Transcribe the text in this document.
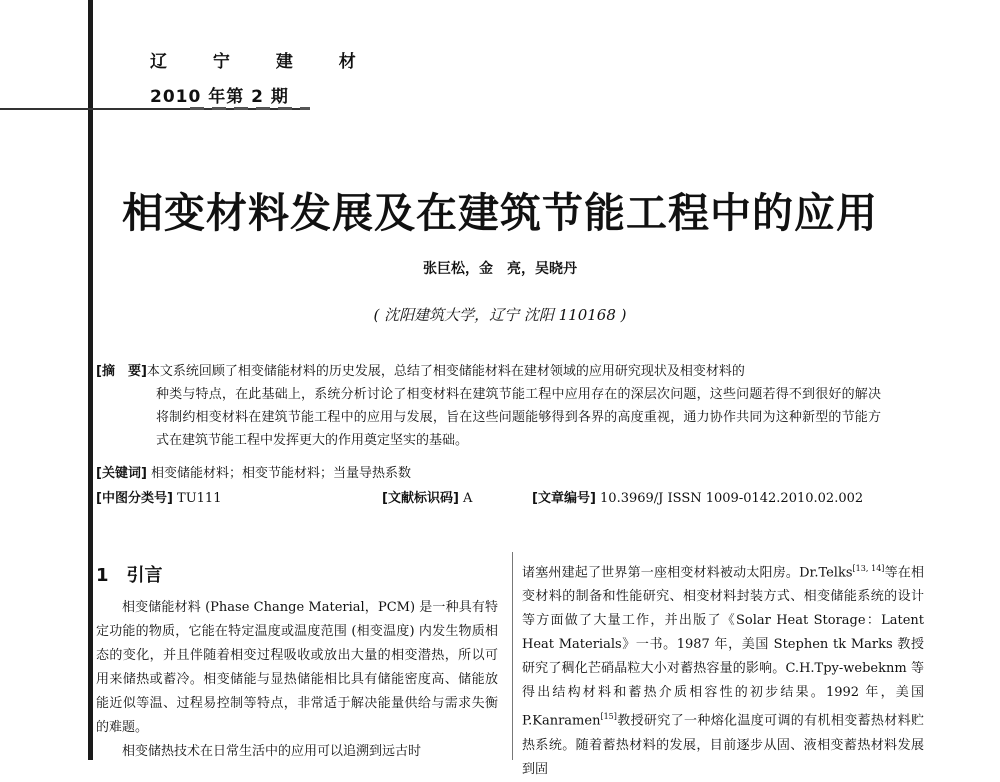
辽 宁 建 材
2010 年第 2 期
相变材料发展及在建筑节能工程中的应用
张巨松，金　亮，吴晓丹
( 沈阳建筑大学，辽宁 沈阳 110168 )
[摘　要] 本文系统回顾了相变储能材料的历史发展，总结了相变储能材料在建材领域的应用研究现状及相变材料的
种类与特点，在此基础上，系统分析讨论了相变材料在建筑节能工程中应用存在的深层次问题，这些问题若得不到很好的解决将制约相变材料在建筑节能工程中的应用与发展，旨在这些问题能够得到各界的高度重视，通力协作共同为这种新型的节能方式在建筑节能工程中发挥更大的作用奠定坚实的基础。
[关键词] 相变储能材料；相变节能材料；当量导热系数
[中图分类号] TU111	[文献标识码] A	[文章编号] 10.3969/J ISSN 1009-0142.2010.02.002
1　引言

相变储能材料 (Phase Change Material，PCM) 是一种具有特定功能的物质，它能在特定温度或温度范围 (相变温度) 内发生物质相态的变化，并且伴随着相变过程吸收或放出大量的相变潜热，所以可用来储热或蓄冷。相变储能与显热储能相比具有储能密度高、储能放能近似等温、过程易控制等特点，非常适于解决能量供给与需求失衡的难题。

相变储热技术在日常生活中的应用可以追溯到远古时

诸塞州建起了世界第一座相变材料被动太阳房。Dr.Telks[13, 14]等在相变材料的制备和性能研究、相变材料封装方式、相变储能系统的设计等方面做了大量工作，并出版了《Solar Heat Storage：Latent Heat Materials》一书。1987 年，美国 Stephen tk Marks 教授研究了稠化芒硝晶粒大小对蓄热容量的影响。C.H.Tpy-webeknm 等得出结构材料和蓄热介质相容性的初步结果。1992 年，美国 P.Kanramen[15]教授研究了一种熔化温度可调的有机相变蓄热材料贮热系统。随着蓄热材料的发展，目前逐步从固、液相变蓄热材料发展到固
